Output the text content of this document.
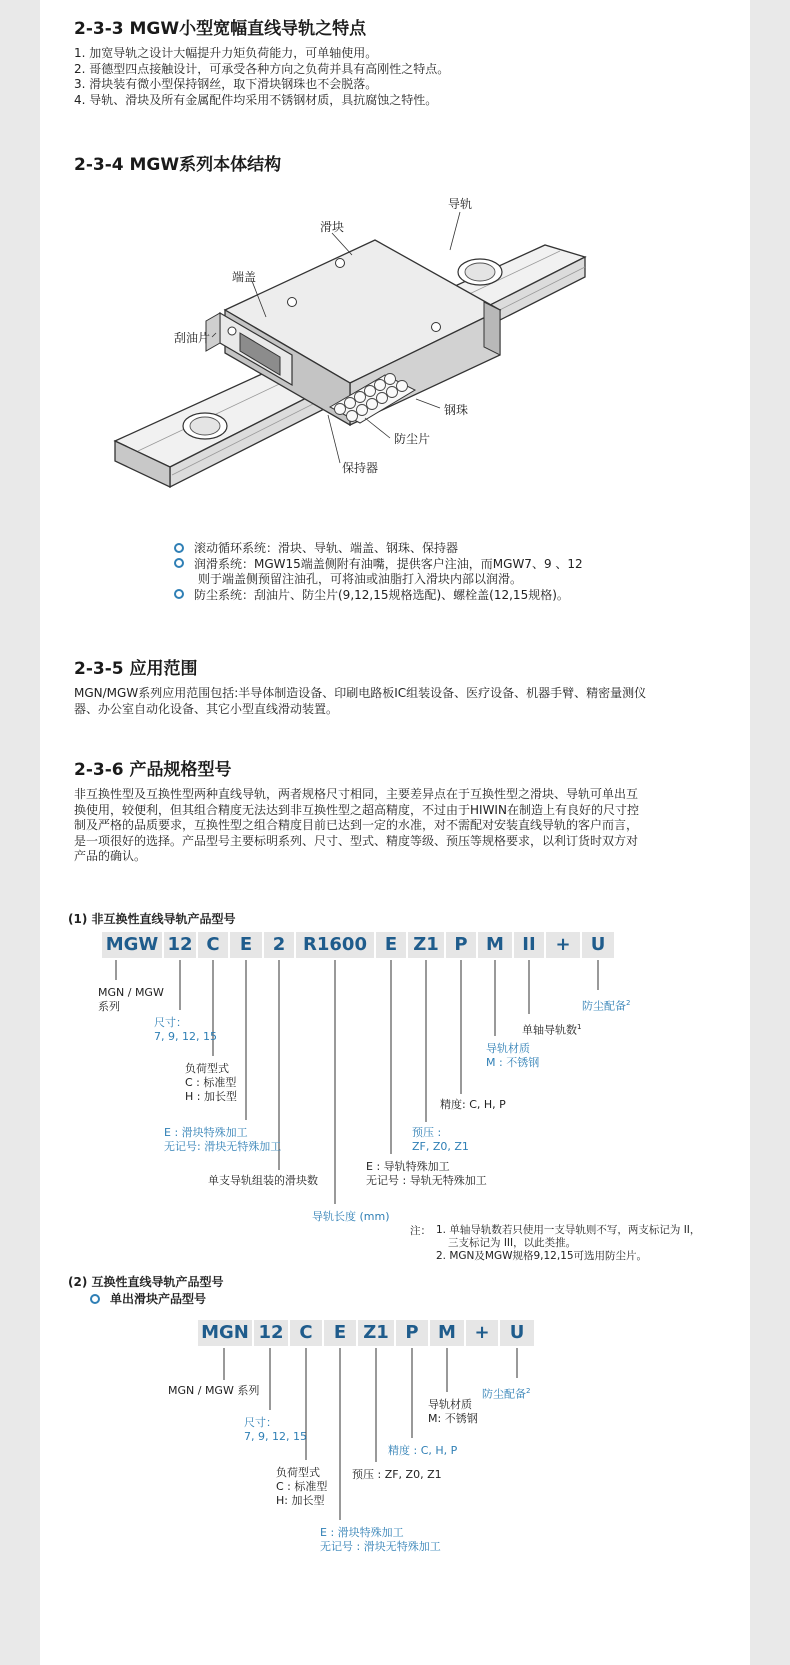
2-3-3 MGW小型宽幅直线导轨之特点
1. 加宽导轨之设计大幅提升力矩负荷能力，可单轴使用。
2. 哥德型四点接触设计，可承受各种方向之负荷并具有高刚性之特点。
3. 滑块装有微小型保持钢丝，取下滑块钢珠也不会脱落。
4. 导轨、滑块及所有金属配件均采用不锈钢材质，具抗腐蚀之特性。
2-3-4 MGW系列本体结构
导轨
滑块
端盖
刮油片
钢珠
防尘片
保持器
滚动循环系统：滑块、导轨、端盖、钢珠、保持器
润滑系统：MGW15端盖侧附有油嘴，提供客户注油，而MGW7、9 、12
则于端盖侧预留注油孔，可将油或油脂打入滑块内部以润滑。
防尘系统：刮油片、防尘片(9,12,15规格选配)、螺栓盖(12,15规格)。
2-3-5 应用范围
MGN/MGW系列应用范围包括:半导体制造设备、印刷电路板IC组装设备、医疗设备、机器手臂、精密量测仪
器、办公室自动化设备、其它小型直线滑动装置。
2-3-6 产品规格型号
非互换性型及互换性型两种直线导轨，两者规格尺寸相同，主要差异点在于互换性型之滑块、导轨可单出互
换使用，较便利，但其组合精度无法达到非互换性型之超高精度，不过由于HIWIN在制造上有良好的尺寸控
制及严格的品质要求，互换性型之组合精度目前已达到一定的水准，对不需配对安装直线导轨的客户而言，
是一项很好的选择。产品型号主要标明系列、尺寸、型式、精度等级、预压等规格要求，以利订货时双方对
产品的确认。
(1) 非互换性直线导轨产品型号
MGW 12 C	E	2 R1600 E Z1 P	M	II	+	U
MGN / MGW
系列
尺寸：
7, 9, 12, 15
负荷型式
C : 标准型
H : 加长型
E : 滑块特殊加工
无记号: 滑块无特殊加工
单支导轨组装的滑块数
导轨长度 (mm)
E : 导轨特殊加工
无记号 : 导轨无特殊加工
预压 :
ZF, Z0, Z1
精度: C, H, P
导轨材质
M : 不锈钢
单轴导轨数$^1$
防尘配备$^2$
注： 1. 单轴导轨数若只使用一支导轨则不写，两支标记为 II，
三支标记为 III，以此类推。
2. MGN及MGW规格9,12,15可选用防尘片。
(2) 互换性直线导轨产品型号
单出滑块产品型号
MGN 12 C	E Z1 P	M	+	U
MGN / MGW 系列
尺寸：
7, 9, 12, 15
负荷型式
C : 标准型
H: 加长型
E : 滑块特殊加工
无记号 : 滑块无特殊加工
预压 : ZF, Z0, Z1
精度 : C, H, P
导轨材质
M: 不锈钢
防尘配备$^2$
